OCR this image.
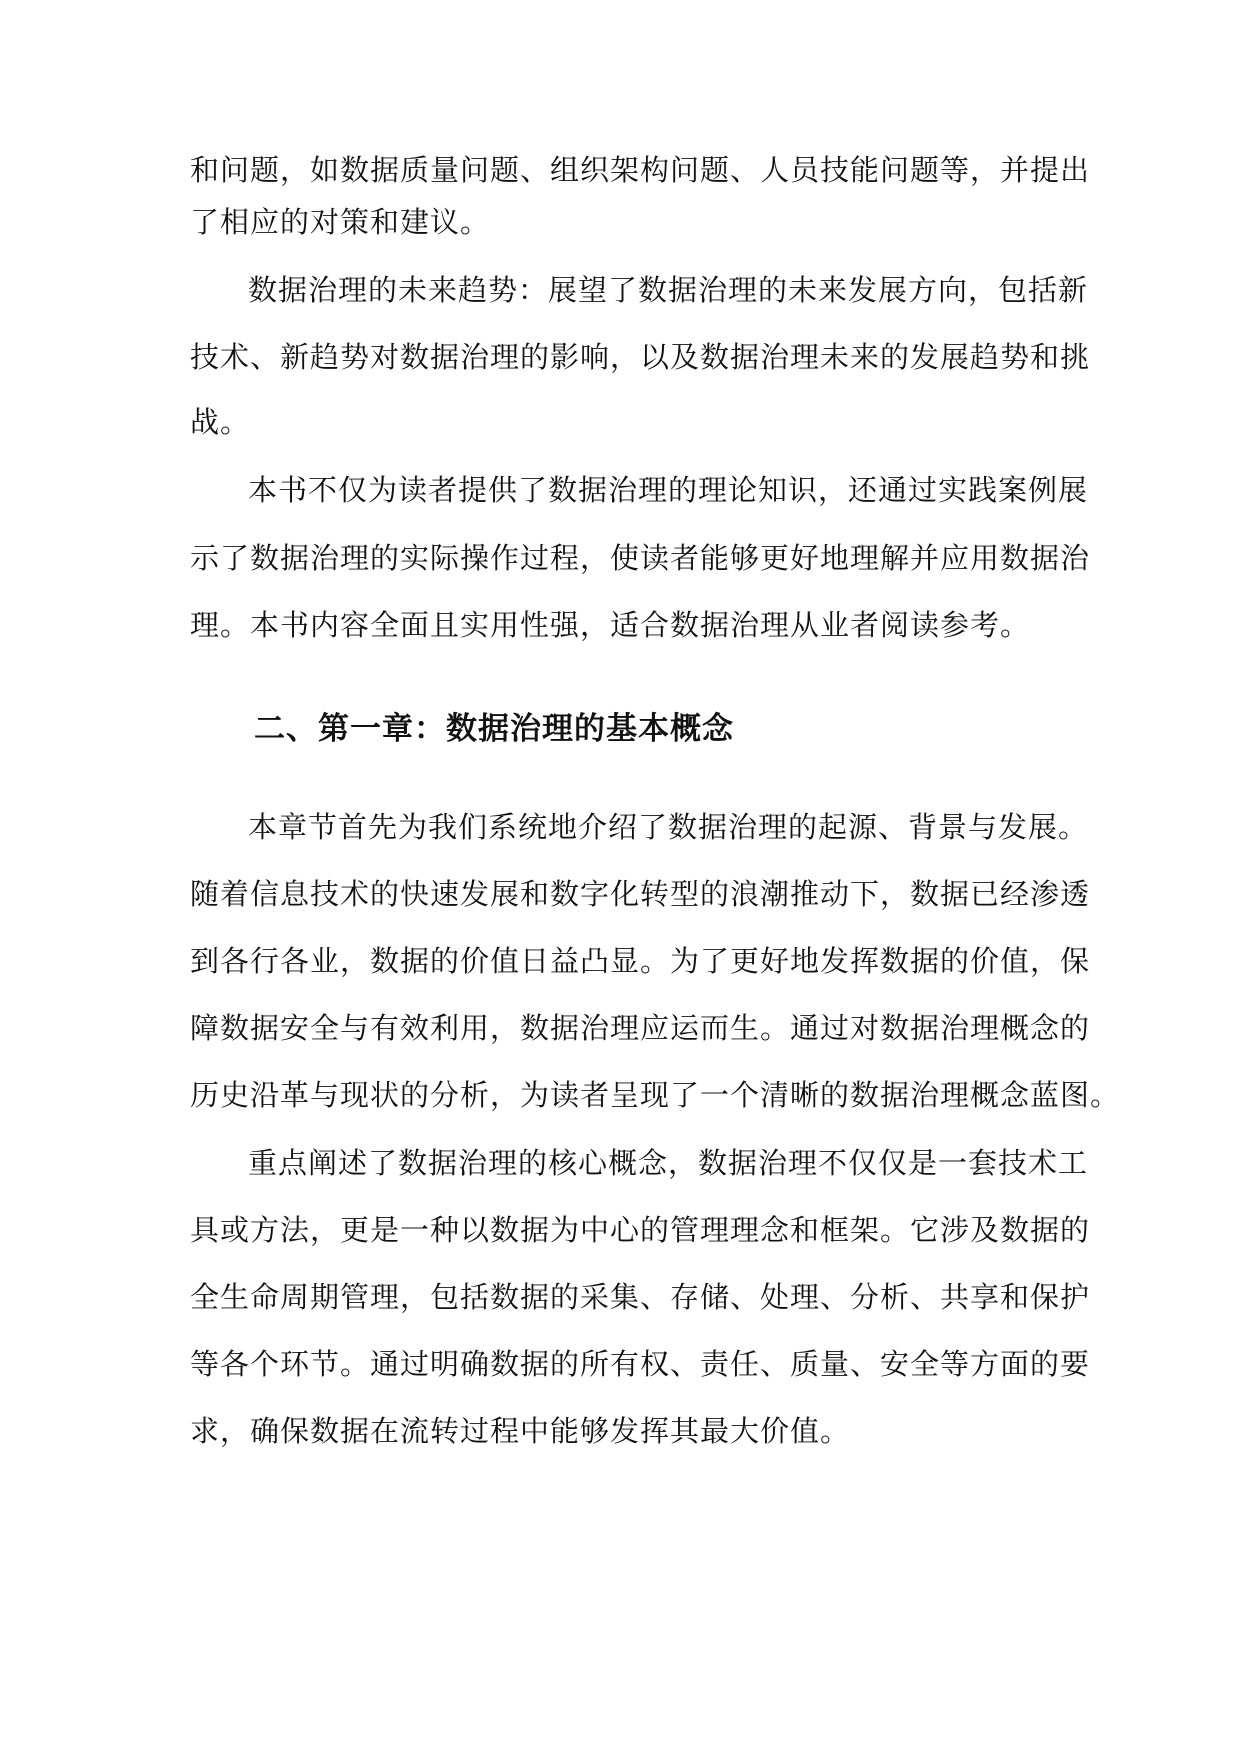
和问题，如数据质量问题、组织架构问题、人员技能问题等，并提出
了相应的对策和建议。
数据治理的未来趋势：展望了数据治理的未来发展方向，包括新
技术、新趋势对数据治理的影响，以及数据治理未来的发展趋势和挑
战。
本书不仅为读者提供了数据治理的理论知识，还通过实践案例展
示了数据治理的实际操作过程，使读者能够更好地理解并应用数据治
理。本书内容全面且实用性强，适合数据治理从业者阅读参考。
二、第一章：数据治理的基本概念
本章节首先为我们系统地介绍了数据治理的起源、背景与发展。
随着信息技术的快速发展和数字化转型的浪潮推动下，数据已经渗透
到各行各业，数据的价值日益凸显。为了更好地发挥数据的价值，保
障数据安全与有效利用，数据治理应运而生。通过对数据治理概念的
历史沿革与现状的分析，为读者呈现了一个清晰的数据治理概念蓝图。
重点阐述了数据治理的核心概念，数据治理不仅仅是一套技术工
具或方法，更是一种以数据为中心的管理理念和框架。它涉及数据的
全生命周期管理，包括数据的采集、存储、处理、分析、共享和保护
等各个环节。通过明确数据的所有权、责任、质量、安全等方面的要
求，确保数据在流转过程中能够发挥其最大价值。
